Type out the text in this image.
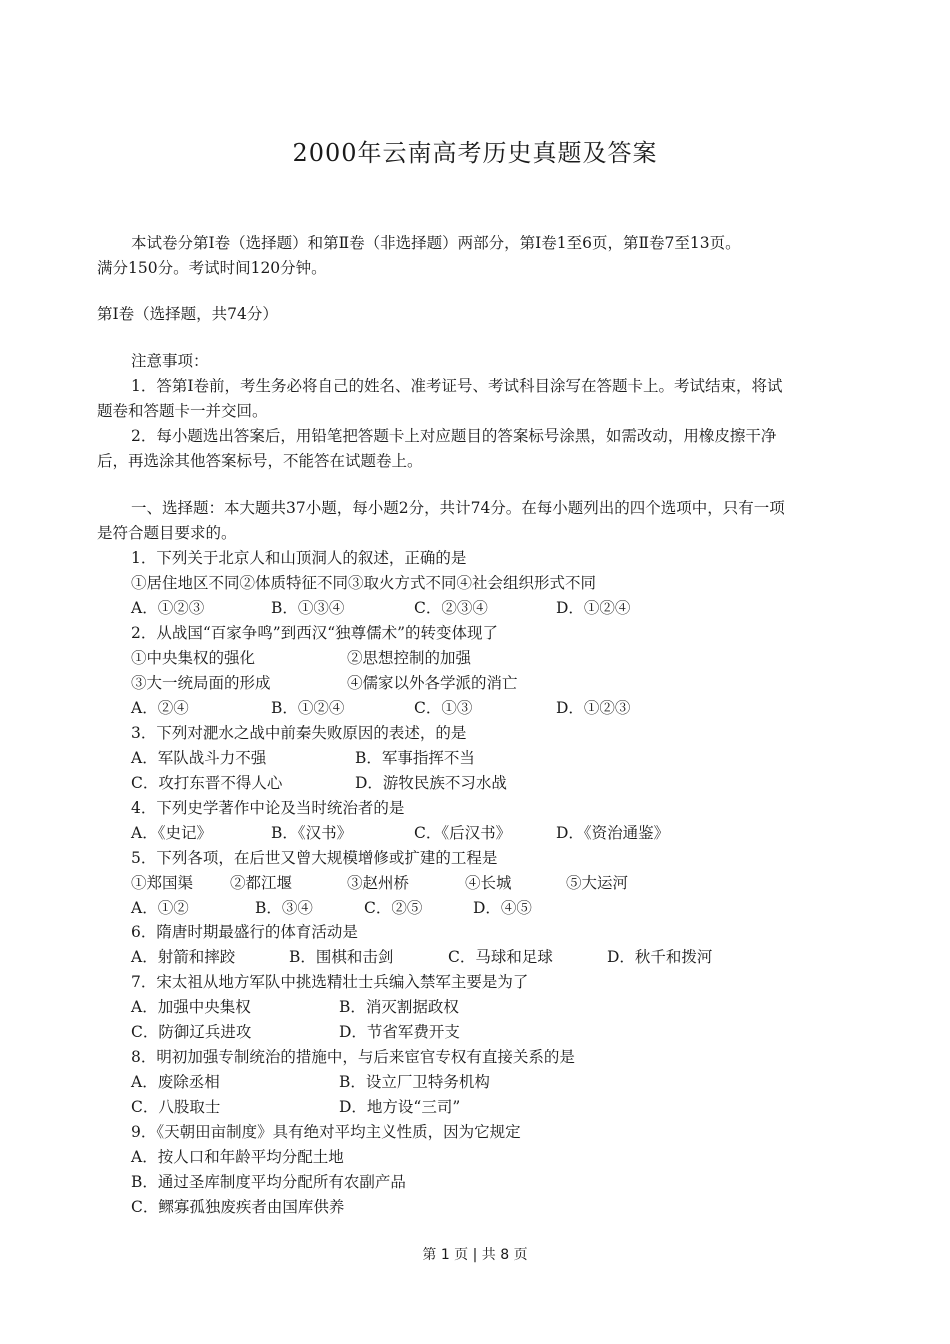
2000年云南高考历史真题及答案
本试卷分第Ⅰ卷（选择题）和第Ⅱ卷（非选择题）两部分，第Ⅰ卷1至6页，第Ⅱ卷7至13页。
满分150分。考试时间120分钟。
第Ⅰ卷（选择题，共74分）
注意事项：
1．答第Ⅰ卷前，考生务必将自己的姓名、准考证号、考试科目涂写在答题卡上。考试结束，将试
题卷和答题卡一并交回。
2．每小题选出答案后，用铅笔把答题卡上对应题目的答案标号涂黑，如需改动，用橡皮擦干净
后，再选涂其他答案标号，不能答在试题卷上。
一、选择题：本大题共37小题，每小题2分，共计74分。在每小题列出的四个选项中，只有一项
是符合题目要求的。
1．下列关于北京人和山顶洞人的叙述，正确的是
①居住地区不同②体质特征不同③取火方式不同④社会组织形式不同
A．①②③	B．①③④	C．②③④	D．①②④
2．从战国“百家争鸣”到西汉“独尊儒术”的转变体现了
①中央集权的强化	②思想控制的加强
③大一统局面的形成	④儒家以外各学派的消亡
A．②④	B．①②④	C．①③	D．①②③
3．下列对淝水之战中前秦失败原因的表述，的是
A．军队战斗力不强	B．军事指挥不当
C．攻打东晋不得人心	D．游牧民族不习水战
4．下列史学著作中论及当时统治者的是
A．《史记》	B．《汉书》	C．《后汉书》	D．《资治通鉴》
5．下列各项，在后世又曾大规模增修或扩建的工程是
①郑国渠 ②都江堰	③赵州桥	④长城	⑤大运河
A．①②	B．③④	C．②⑤	D．④⑤
6．隋唐时期最盛行的体育活动是
A．射箭和摔跤	B．围棋和击剑	C．马球和足球	D．秋千和拨河
7．宋太祖从地方军队中挑选精壮士兵编入禁军主要是为了
A．加强中央集权	B．消灭割据政权
C．防御辽兵进攻	D．节省军费开支
8．明初加强专制统治的措施中，与后来宦官专权有直接关系的是
A．废除丞相	B．设立厂卫特务机构
C．八股取士	D．地方设“三司”
9．《天朝田亩制度》具有绝对平均主义性质，因为它规定
A．按人口和年龄平均分配土地
B．通过圣库制度平均分配所有农副产品
C．鳏寡孤独废疾者由国库供养
第 1 页 | 共 8 页
